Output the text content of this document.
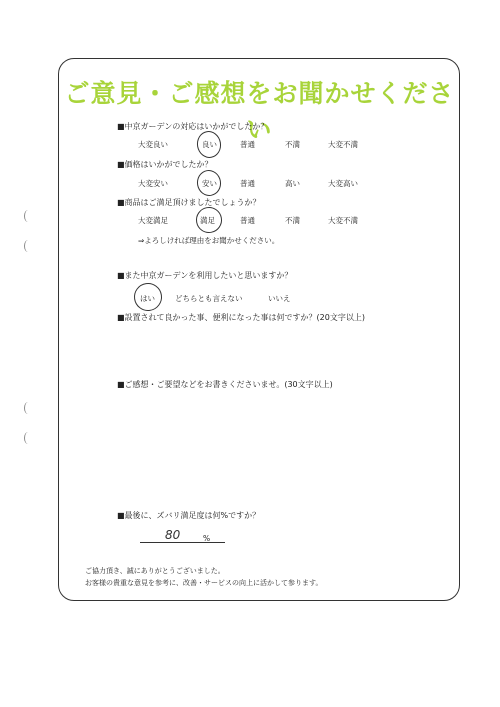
ご意見・ご感想をお聞かせください
■中京ガーデンの対応はいかがでしたか？
大変良い	良い	普通	不満	大変不満
■価格はいかがでしたか？
大変安い	安い	普通	高い	大変高い
■商品はご満足頂けましたでしょうか？
大変満足	満足	普通	不満	大変不満
⇒よろしければ理由をお聞かせください。
■また中京ガーデンを利用したいと思いますか？
はい	どちらとも言えない	いいえ
■設置されて良かった事、便利になった事は何ですか？(20文字以上)
■ご感想・ご要望などをお書きくださいませ。(30文字以上)
■最後に、ズバリ満足度は何%ですか？
80	%
ご協力頂き、誠にありがとうございました。
お客様の貴重な意見を参考に、改善・サービスの向上に活かして参ります。
